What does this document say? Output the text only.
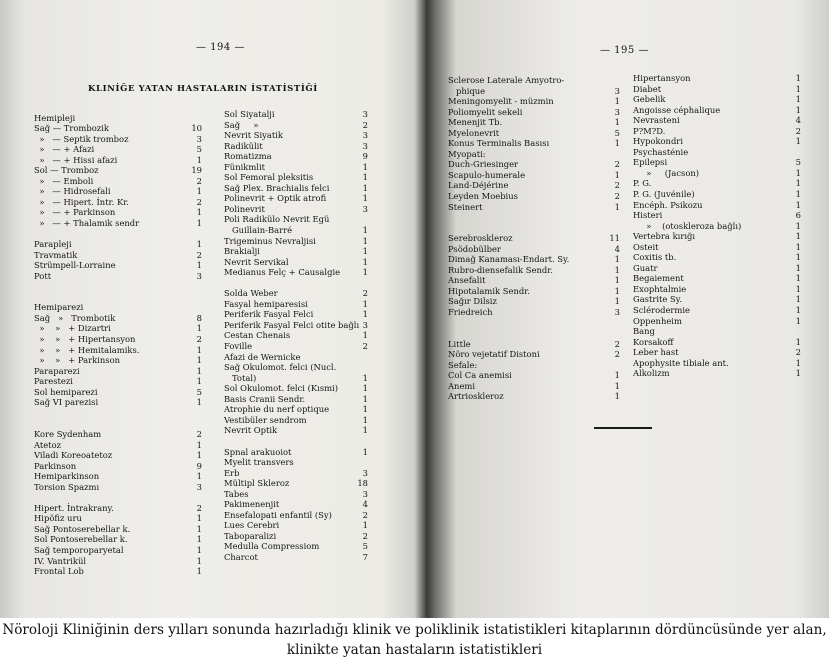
— 194 —
KLINİĞE YATAN HASTALARIN İSTATİSTİĞİ
Hemipleji
Sağ — Trombozik	10
»   — Septik tromboz	3
»   — + Afazi	5
»   — + Hissi afazi	1
Sol — Tromboz	19
»   — Emboli	2
»   — Hidrosefali	1
»   — Hipert. İntr. Kr.	2
»   — + Parkinson	1
»   — + Thalamik sendr	1
Parapleji	1
Travmatik	2
Strümpell-Lorraine	1
Pott	3
Hemiparezi
Sağ   »   Trombotik	8
»    »   + Dizartri	1
»    »   + Hipertansyon	2
»    »   + Hemitalamiks.	1
»    »   + Parkinson	1
Paraparezi	1
Parestezi	1
Sol hemiparezi	5
Sağ VI parezisi	1
Kore Sydenham	2
Atetoz	1
Viladi Koreoatetoz	1
Parkinson	9
Hemiparkinson	1
Torsion Spazmı	3
Hipert. İntrakrany.	2
Hipöfiz uru	1
Sağ Pontoserebellar k.	1
Sol Pontoserebellar k.	1
Sağ temporoparyetal	1
IV. Vantrikül	1
Frontal Lob	1
Sol Siyatalji	3
Sağ     »	2
Nevrit Siyatik	3
Radikülit	3
Romatizma	9
Fünikmlit	1
Sol Femoral pleksitis	1
Sağ Plex. Brachialis felci	1
Polinevrit + Optik atrofi	1
Polinevrit	3
Poli Radikülo Nevrit Egü
Guillain-Barré	1
Trigeminus Nevraljisi	1
Brakialji	1
Nevrit Servikal	1
Medianus Felç + Causalgie	1
Solda Weber	2
Fasyal hemiparesisi	1
Periferik Fasyal Felci	1
Periferik Fasyal Felci otite bağlı 3
Cestan Chenais	1
Foville	2
Afazi de Wernicke
Sağ Okulomot. felci (Nucl.
Total)	1
Sol Okulomot. felci (Kısmi)	1
Basis Cranii Sendr.	1
Atrophie du nerf optique	1
Vestibüler sendrom	1
Nevrit Optik	1
Spnal arakuoiot	1
Myelit transvers
Erb	3
Mültipl Skleroz	18
Tabes	3
Pakimenenjit	4
Ensefalopati enfantil (Sy)	2
Lues Cerebri	1
Taboparalizi	2
Medulla Compressiom	5
Charcot	7
— 195 —
Sclerose Laterale Amyotro-
phique	3
Meningomyelit - müzmin	1
Poliomyelit sekeli	3
Menenjit Tb.	1
Myelonevrit	5
Konus Terminalis Basısı	1
Myopati:
Duch-Griesinger	2
Scapulo-humerale	1
Land-Déjérine	2
Leyden Moebius	2
Steinert	1
Serebroskleroz	11
Psödobülber	4
Dimağ Kanaması-Endart. Sy.	1
Rubro-diensefalik Sendr.	1
Ansefalit	1
Hipotalamik Sendr.	1
Sağır Dilsiz	1
Friedreich	3
Little	2
Nöro vejetatif Distoni	2
Sefale:
Col Ca anemisi	1
Anemi	1
Artrioskleroz	1
Hipertansyon	1
Diabet	1
Gebelik	1
Angoisse céphalique	1
Nevrasteni	4
P?M?D.	2
Hypokondri	1
Psychasténie
Epilepsi	5
»     (Jacson)	1
P. G.	1
P. G. (Juvénile)	1
Encéph. Psikozu	1
Histeri	6
»    (otoskleroza bağlı)	1
Vertebra kırığı	1
Osteit	1
Coxitis tb.	1
Guatr	1
Begaiement	1
Exophtalmie	1
Gastrite Sy.	1
Sclérodermie	1
Oppenheim	1
Bang
Korsakoff	1
Leber hast	2
Apophysite tibiale ant.	1
Alkolizm	1
Nöroloji Kliniğinin ders yılları sonunda hazırladığı klinik ve poliklinik istatistikleri kitaplarının dördüncüsünde yer alan, klinikte yatan hastaların istatistikleri
